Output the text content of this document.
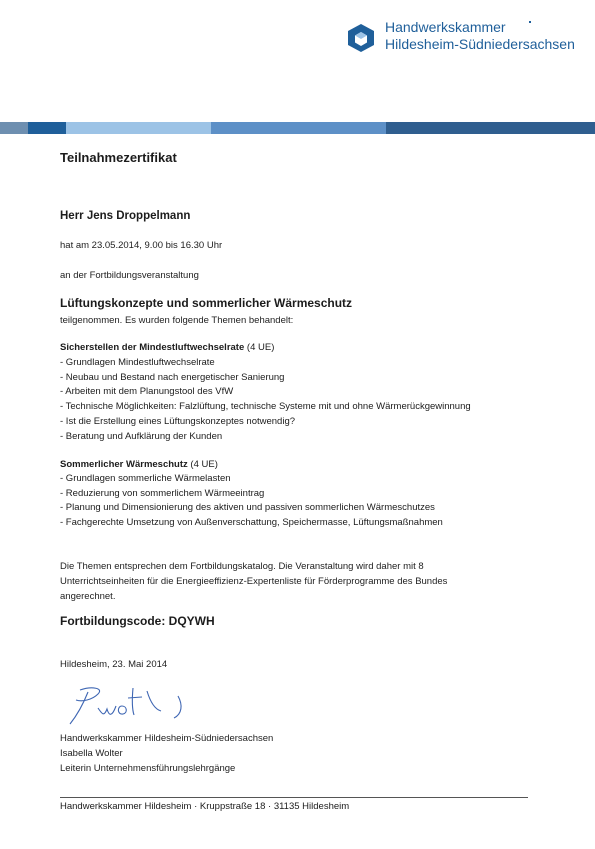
Handwerkskammer
Hildesheim-Südniedersachsen
Teilnahmezertifikat
Herr Jens Droppelmann
hat am 23.05.2014, 9.00 bis 16.30 Uhr
an der Fortbildungsveranstaltung
Lüftungskonzepte und sommerlicher Wärmeschutz
teilgenommen. Es wurden folgende Themen behandelt:
Sicherstellen der Mindestluftwechselrate (4 UE)
- Grundlagen Mindestluftwechselrate
- Neubau und Bestand nach energetischer Sanierung
- Arbeiten mit dem Planungstool des VfW
- Technische Möglichkeiten: Falzlüftung, technische Systeme mit und ohne Wärmerückgewinnung
- Ist die Erstellung eines Lüftungskonzeptes notwendig?
- Beratung und Aufklärung der Kunden
Sommerlicher Wärmeschutz (4 UE)
- Grundlagen sommerliche Wärmelasten
- Reduzierung von sommerlichem Wärmeeintrag
- Planung und Dimensionierung des aktiven und passiven sommerlichen Wärmeschutzes
- Fachgerechte Umsetzung von Außenverschattung, Speichermasse, Lüftungsmaßnahmen
Die Themen entsprechen dem Fortbildungskatalog. Die Veranstaltung wird daher mit 8
Unterrichtseinheiten für die Energieeffizienz-Expertenliste für Förderprogramme des Bundes
angerechnet.
Fortbildungscode: DQYWH
Hildesheim, 23. Mai 2014
Handwerkskammer Hildesheim-Südniedersachsen
Isabella Wolter
Leiterin Unternehmensführungslehrgänge
Handwerkskammer Hildesheim · Kruppstraße 18 · 31135 Hildesheim
